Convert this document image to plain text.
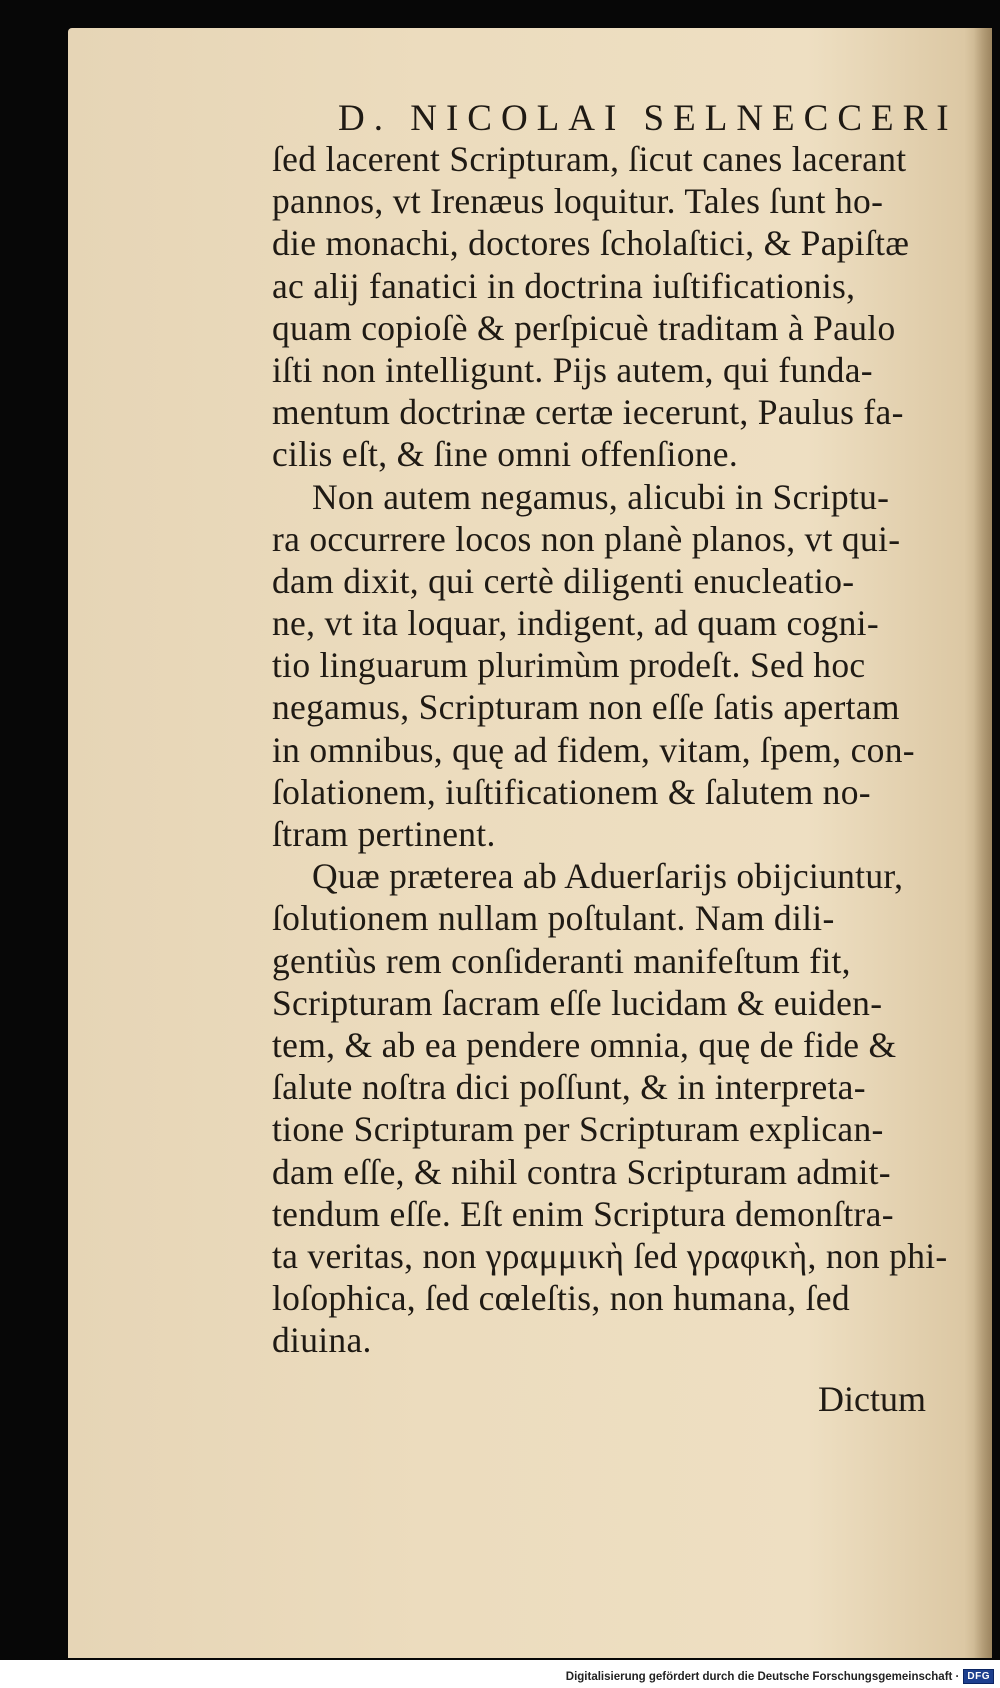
D. NICOLAI SELNECCERI
ſed lacerent Scripturam, ſicut canes lacerant
pannos, vt Irenæus loquitur. Tales ſunt ho-
die monachi, doctores ſcholaſtici, & Papiſtæ
ac alij fanatici in doctrina iuſtificationis,
quam copioſè & perſpicuè traditam à Paulo
iſti non intelligunt. Pijs autem, qui funda-
mentum doctrinæ certæ iecerunt, Paulus fa-
cilis eſt, & ſine omni offenſione.
Non autem negamus, alicubi in Scriptu-
ra occurrere locos non planè planos, vt qui-
dam dixit, qui certè diligenti enucleatio-
ne, vt ita loquar, indigent, ad quam cogni-
tio linguarum plurimùm prodeſt. Sed hoc
negamus, Scripturam non eſſe ſatis apertam
in omnibus, quę ad fidem, vitam, ſpem, con-
ſolationem, iuſtificationem & ſalutem no-
ſtram pertinent.
Quæ præterea ab Aduerſarijs obijciuntur,
ſolutionem nullam poſtulant. Nam dili-
gentiùs rem conſideranti manifeſtum fit,
Scripturam ſacram eſſe lucidam & euiden-
tem, & ab ea pendere omnia, quę de fide &
ſalute noſtra dici poſſunt, & in interpreta-
tione Scripturam per Scripturam explican-
dam eſſe, & nihil contra Scripturam admit-
tendum eſſe. Eſt enim Scriptura demonſtra-
ta veritas, non γραμμικὴ ſed γραφικὴ, non phi-
loſophica, ſed cœleſtis, non humana, ſed
diuina.
Dictum
Digitalisierung gefördert durch die Deutsche Forschungsgemeinschaft · DFG
